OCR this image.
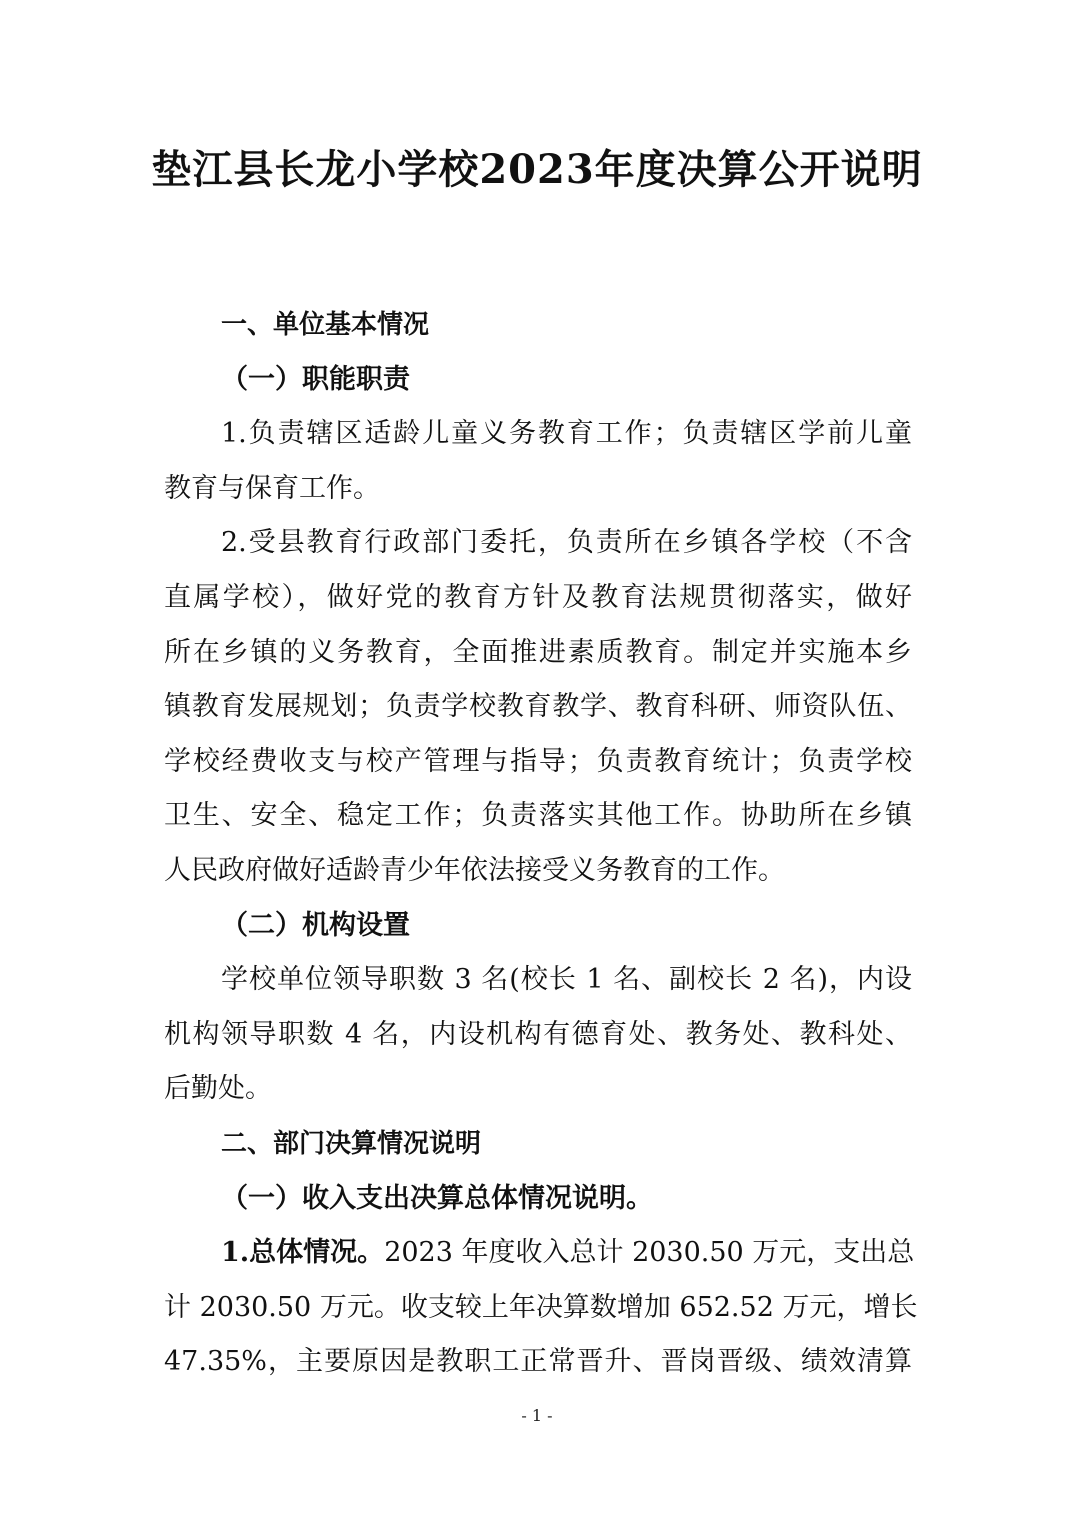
垫江县长龙小学校2023年度决算公开说明
一、单位基本情况
（一）职能职责
1.负责辖区适龄儿童义务教育工作；负责辖区学前儿童
教育与保育工作。
2.受县教育行政部门委托，负责所在乡镇各学校（不含
直属学校），做好党的教育方针及教育法规贯彻落实，做好
所在乡镇的义务教育，全面推进素质教育。制定并实施本乡
镇教育发展规划；负责学校教育教学、教育科研、师资队伍、
学校经费收支与校产管理与指导；负责教育统计；负责学校
卫生、安全、稳定工作；负责落实其他工作。协助所在乡镇
人民政府做好适龄青少年依法接受义务教育的工作。
（二）机构设置
学校单位领导职数 3 名(校长 1 名、副校长 2 名)，内设
机构领导职数 4 名，内设机构有德育处、教务处、教科处、
后勤处。
二、部门决算情况说明
（一）收入支出决算总体情况说明。
1.总体情况。2023 年度收入总计 2030.50 万元，支出总
计 2030.50 万元。收支较上年决算数增加 652.52 万元，增长
47.35%，主要原因是教职工正常晋升、晋岗晋级、绩效清算
- 1 -
